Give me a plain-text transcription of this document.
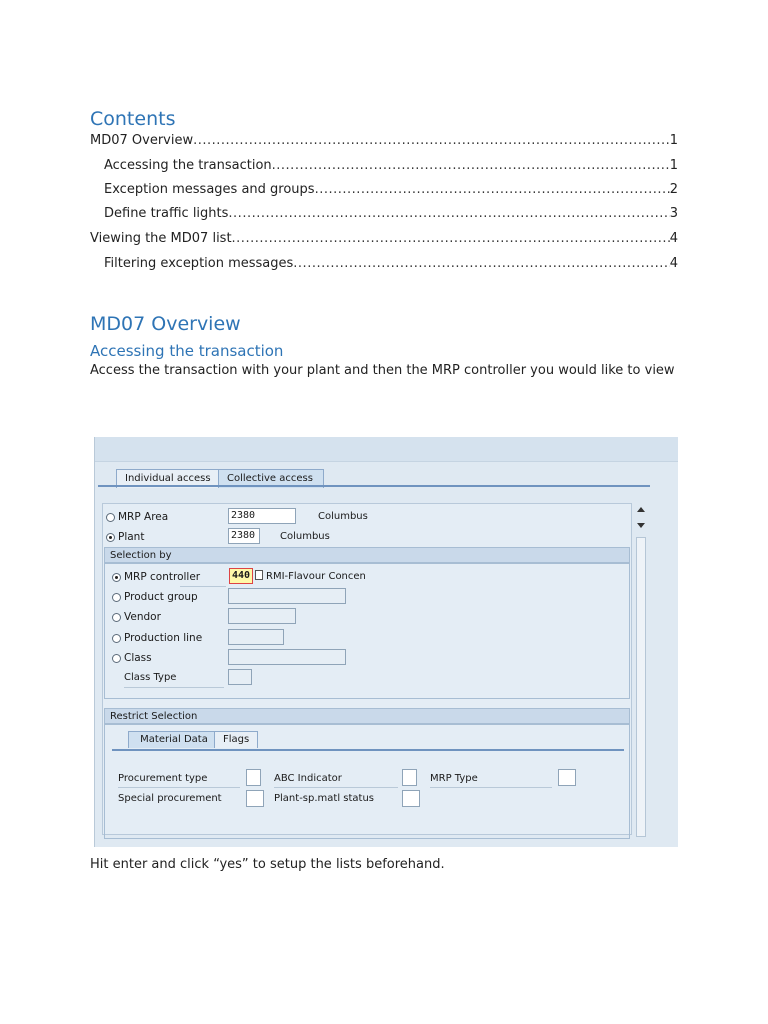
Contents
MD07 Overview .....	1
Accessing the transaction .....	1
Exception messages and groups .....	2
Define traffic lights .....	3
Viewing the MD07 list .....	4
Filtering exception messages .....	4
MD07 Overview
Accessing the transaction
Access the transaction with your plant and then the MRP controller you would like to view
Individual access	Collective access
MRP Area	2380	Columbus
Plant	2380	Columbus
Selection by
MRP controller	440 RMI-Flavour Concen
Product group
Vendor
Production line
Class
Class Type
Restrict Selection
Material Data	Flags
Procurement type	ABC Indicator	MRP Type
Special procurement	Plant-sp.matl status
Hit enter and click “yes” to setup the lists beforehand.
